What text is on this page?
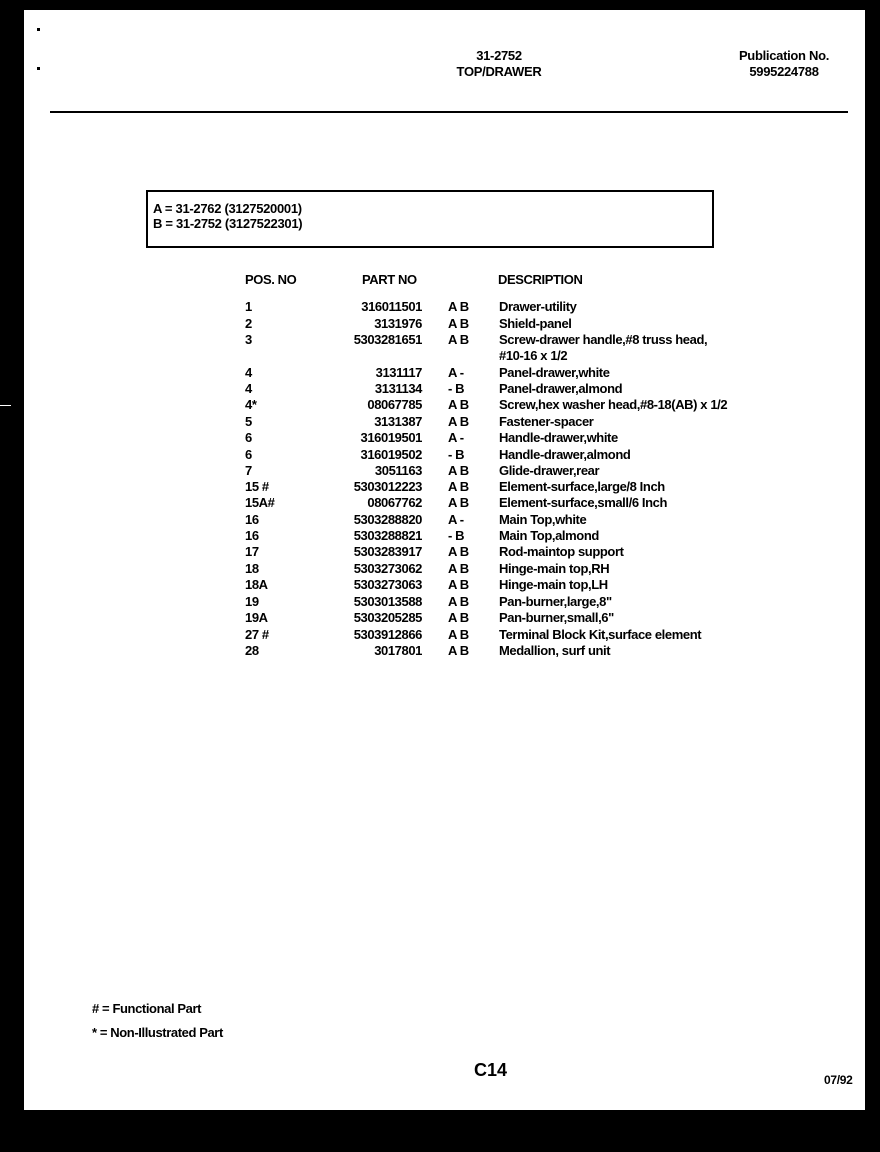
31-2752
TOP/DRAWER
Publication No.
5995224788
A = 31-2762 (3127520001)
B = 31-2752 (3127522301)
POS. NO	PART NO	DESCRIPTION
1	316011501 A B	Drawer-utility
2	3131976 A B	Shield-panel
3	5303281651 A B	Screw-drawer handle,#8 truss head,
#10-16 x 1/2
4	3131117 A -	Panel-drawer,white
4	3131134 - B	Panel-drawer,almond
4*	08067785 A B	Screw,hex washer head,#8-18(AB) x 1/2
5	3131387 A B	Fastener-spacer
6	316019501 A -	Handle-drawer,white
6	316019502 - B	Handle-drawer,almond
7	3051163 A B	Glide-drawer,rear
15 #	5303012223 A B	Element-surface,large/8 Inch
15A#	08067762 A B	Element-surface,small/6 Inch
16	5303288820 A -	Main Top,white
16	5303288821 - B	Main Top,almond
17	5303283917 A B	Rod-maintop support
18	5303273062 A B	Hinge-main top,RH
18A	5303273063 A B	Hinge-main top,LH
19	5303013588 A B	Pan-burner,large,8"
19A	5303205285 A B	Pan-burner,small,6"
27 #	5303912866 A B	Terminal Block Kit,surface element
28	3017801 A B	Medallion, surf unit
# = Functional Part
* = Non-Illustrated Part
C14	07/92
